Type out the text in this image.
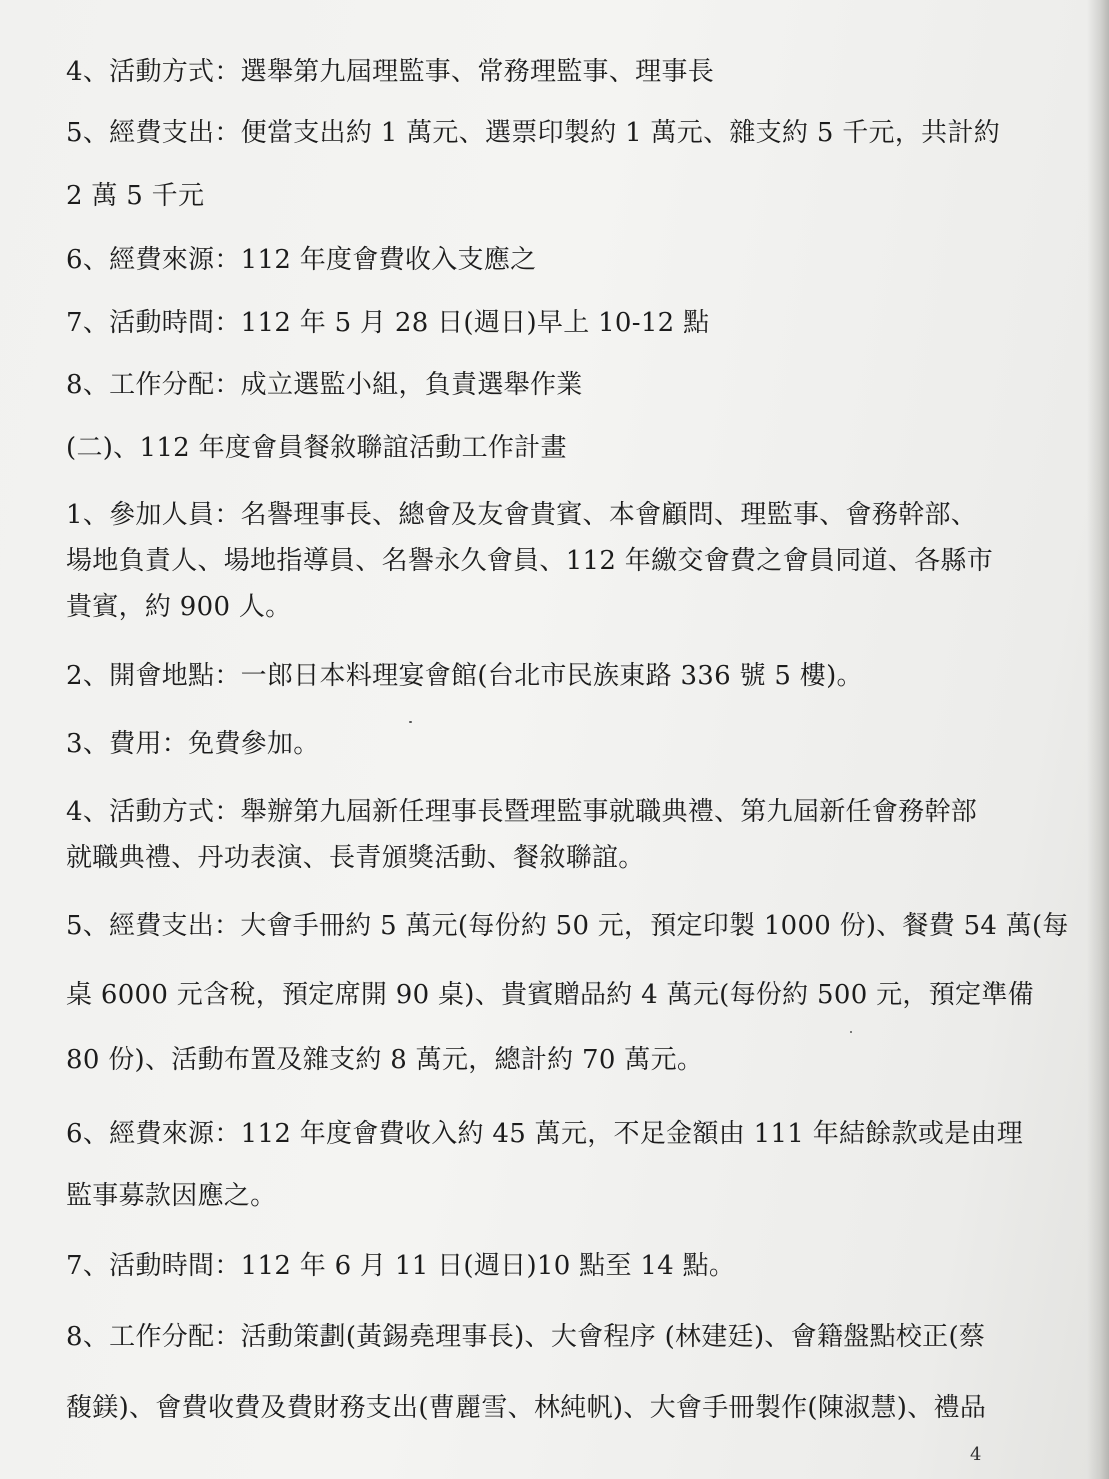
4、活動方式：選舉第九屆理監事、常務理監事、理事長
5、經費支出：便當支出約 1 萬元、選票印製約 1 萬元、雜支約 5 千元，共計約
2 萬 5 千元
6、經費來源：112 年度會費收入支應之
7、活動時間：112 年 5 月 28 日(週日)早上 10-12 點
8、工作分配：成立選監小組，負責選舉作業
(二)、112 年度會員餐敘聯誼活動工作計畫
1、參加人員：名譽理事長、總會及友會貴賓、本會顧問、理監事、會務幹部、
場地負責人、場地指導員、名譽永久會員、112 年繳交會費之會員同道、各縣市
貴賓，約 900 人。
2、開會地點：一郎日本料理宴會館(台北市民族東路 336 號 5 樓)。
3、費用：免費參加。
4、活動方式：舉辦第九屆新任理事長暨理監事就職典禮、第九屆新任會務幹部
就職典禮、丹功表演、長青頒獎活動、餐敘聯誼。
5、經費支出：大會手冊約 5 萬元(每份約 50 元，預定印製 1000 份)、餐費 54 萬(每
桌 6000 元含稅，預定席開 90 桌)、貴賓贈品約 4 萬元(每份約 500 元，預定準備
80 份)、活動布置及雜支約 8 萬元，總計約 70 萬元。
6、經費來源：112 年度會費收入約 45 萬元，不足金額由 111 年結餘款或是由理
監事募款因應之。
7、活動時間：112 年 6 月 11 日(週日)10 點至 14 點。
8、工作分配：活動策劃(黃錫堯理事長)、大會程序 (林建廷)、會籍盤點校正(蔡
馥鎂)、會費收費及費財務支出(曹麗雪、林純帆)、大會手冊製作(陳淑慧)、禮品
4
